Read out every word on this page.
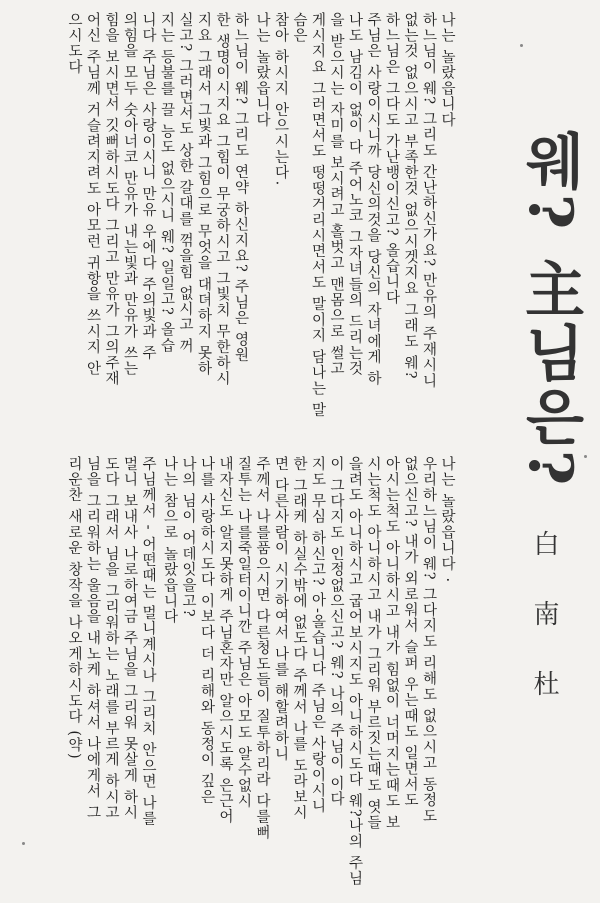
웨? 主님은?
白南杜
나는 놀랐읍니다
하느님이 웨? 그리도 간난하신가요? 만유의 주재시니
없는것 없으시고 부족한것 없으시겟지요 그래도 웨?
하느님은 그다도 가난뱅이신고? 올습니다
주님은 사랑이시니까 당신의것을 당신의 자녀에게 하
나도 남김이 없이 다 주어노코 그자녀들의 드리는것
을 받으시는 자미를 보시려고 홀벗고 맨몸으로 썰고
게시지요 그러면서도 떵떵거리시면서도 말이지 담나는 말슴은
참아 하시지 안으시는다.
나는 놀랐읍니다
하느님이 웨? 그리도 연약 하신지요? 주님은 영원
한 생명이시지요 그힘이 무궁하시고 그빛치 무한하시
지요 그래서 그빛과 그힘으로 무엇을 대뎌하지 못하
실고? 그러면서도 상한 갈대를 꺾을힘 없시고 꺼
지는 등불를 끌 능도 없으시니 웨? 일일고? 올습
니다 주님은 사랑이시니 만유 우에다 주의빛과 주
의힘을 모두 숫아너코 만유가 내는빛과 만유가 쓰는
힘을 보시면서 깃뻐하시도다 그리고 만유가 그의주재
어신 주님께 거슬려지려도 아모런 귀항을 쓰시지 안
으시도다
나는 놀랐읍니다 ·
우리하느님이 웨? 그다지도 리해도 없으시고 동정도
없으신고? 내가 외로워서 슬퍼 우는때도 일면서도
아시는척도 아니하시고 내가 힘없이 너머지는때도 보
시는척도 아니하시고 내가 그리워 부르짓는때도 엿들
을려도 아니하시고 굽어보시지도 아니하시도다 웨?나의 주님
이 그다지도 인정없으신고? 웨? 나의 주님이 이다
지도 무심 하신고? 아-올습니다 주님은 사랑이시니
한 그래케 하실수밖에 없도다 주께서 나를 도라보시
면 다른사람이 시기하여서 나를 해할려하니
주께서 나를품으시면 다른청도들이 질투하리라 다를뻐
질투는 나를죽일터이니깐 주님은 아모도 알수없시
내자신도 알지못하게 주님혼자만 알으시도록 은근어
나를 사랑하시도다 이보다 더 리해와 동정이 깊은
나의 님이 어데잇을고?
나는 참으로 놀랐읍니다
주님께서 - 어떤때는 멀니계시나 그리치 안으면 나를
멀니 보내사 나로하여금 주님을 그리워 못살게 하시
도다 그래서 님을 그리워하는 노래를 부르게 하시고
님을 그리워하는 울음을 내노케 하셔서 나에게서 그
리운찬 새로운 창작을 나오게하시도다 (약)
